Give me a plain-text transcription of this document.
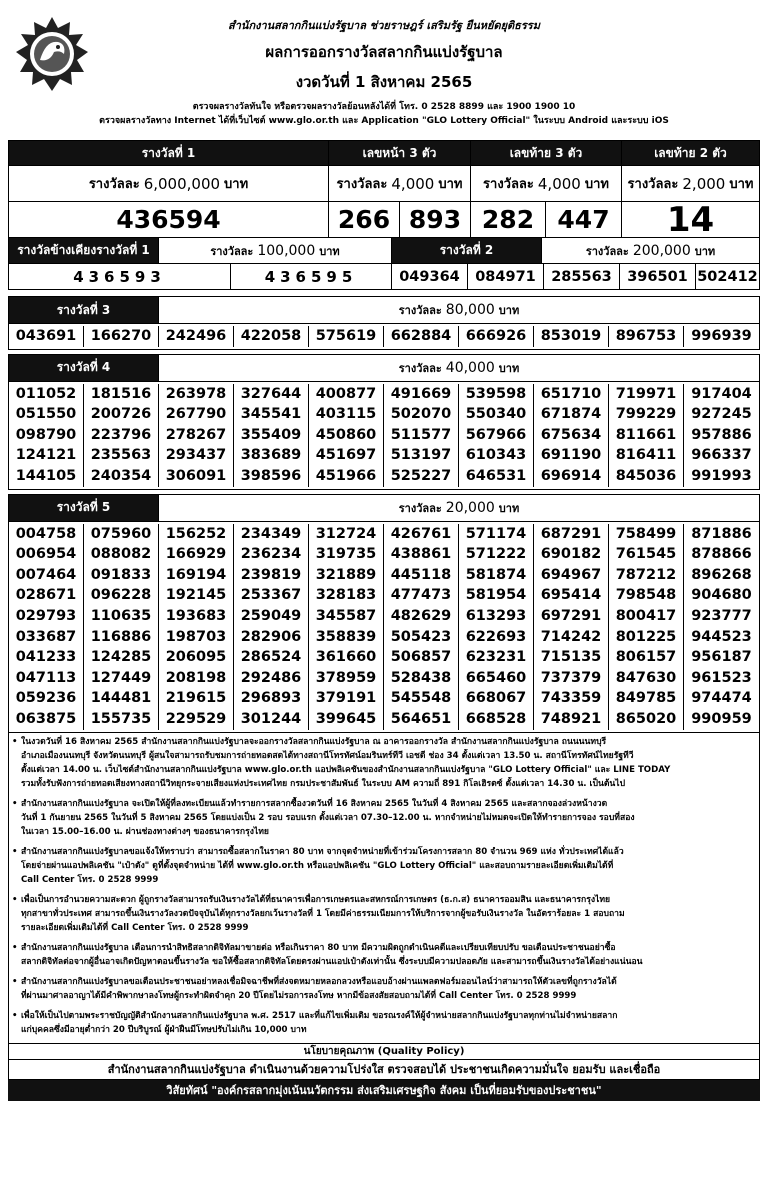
สำนักงานสลากกินแบ่งรัฐบาล ช่วยราษฎร์ เสริมรัฐ ยืนหยัดยุติธรรม
ผลการออกรางวัลสลากกินแบ่งรัฐบาล
งวดวันที่ 1 สิงหาคม 2565
ตรวจผลรางวัลทันใจ หรือตรวจผลรางวัลย้อนหลังได้ที่ โทร. 0 2528 8899 และ 1900 1900 10
ตรวจผลรางวัลทาง Internet ได้ที่เว็บไซต์ www.glo.or.th และ Application "GLO Lottery Official" ในระบบ Android และระบบ iOS
รางวัลที่ 1	เลขหน้า 3 ตัว	เลขท้าย 3 ตัว	เลขท้าย 2 ตัว
รางวัลละ 6,000,000 บาท	รางวัลละ 4,000 บาท รางวัลละ 4,000 บาท รางวัลละ 2,000 บาท
436594	266 893 282 447	14
รางวัลข้างเคียงรางวัลที่ 1	รางวัลละ 100,000 บาท	รางวัลที่ 2	รางวัลละ 200,000 บาท
436593	436595	049364	084971	285563	396501 502412
รางวัลที่ 3	รางวัลละ 80,000 บาท
043691 166270 242496 422058 575619 662884 666926 853019 896753	996939
รางวัลที่ 4	รางวัลละ 40,000 บาท
011052 181516 263978 327644 400877 491669 539598 651710 719971	917404
051550 200726 267790 345541 403115 502070 550340 671874 799229	927245
098790 223796 278267 355409 450860 511577 567966 675634 811661	957886
124121 235563 293437 383689 451697 513197 610343 691190 816411	966337
144105 240354 306091 398596 451966 525227 646531 696914 845036	991993
รางวัลที่ 5	รางวัลละ 20,000 บาท
004758 075960 156252 234349 312724 426761 571174 687291 758499	871886
006954 088082 166929 236234 319735 438861 571222 690182 761545	878866
007464 091833 169194 239819 321889 445118 581874 694967 787212	896268
028671 096228 192145 253367 328183 477473 581954 695414 798548	904680
029793 110635 193683 259049 345587 482629 613293 697291 800417	923777
033687 116886 198703 282906 358839 505423 622693 714242 801225	944523
041233 124285 206095 286524 361660 506857 623231 715135 806157	956187
047113 127449 208198 292486 378959 528438 665460 737379 847630	961523
059236 144481 219615 296893 379191 545548 668067 743359 849785	974474
063875 155735 229529 301244 399645 564651 668528 748921 865020	990959
• ในงวดวันที่ 16 สิงหาคม 2565 สำนักงานสลากกินแบ่งรัฐบาลจะออกรางวัลสลากกินแบ่งรัฐบาล ณ อาคารออกรางวัล สำนักงานสลากกินแบ่งรัฐบาล ถนนนนทบุรี
อำเภอเมืองนนทบุรี จังหวัดนนทบุรี ผู้สนใจสามารถรับชมการถ่ายทอดสดได้ทางสถานีโทรทัศน์อมรินทร์ทีวี เอชดี ช่อง 34 ตั้งแต่เวลา 13.50 น. สถานีโทรทัศน์ไทยรัฐทีวี
ตั้งแต่เวลา 14.00 น. เว็บไซต์สำนักงานสลากกินแบ่งรัฐบาล www.glo.or.th แอปพลิเคชันของสำนักงานสลากกินแบ่งรัฐบาล "GLO Lottery Official" และ LINE TODAY
รวมทั้งรับฟังการถ่ายทอดเสียงทางสถานีวิทยุกระจายเสียงแห่งประเทศไทย กรมประชาสัมพันธ์ ในระบบ AM ความถี่ 891 กิโลเฮิรตซ์ ตั้งแต่เวลา 14.30 น. เป็นต้นไป
• สำนักงานสลากกินแบ่งรัฐบาล จะเปิดให้ผู้ที่ลงทะเบียนแล้วทำรายการสลากซื้องวดวันที่ 16 สิงหาคม 2565 ในวันที่ 4 สิงหาคม 2565 และสลากจองล่วงหน้างวด
วันที่ 1 กันยายน 2565 ในวันที่ 5 สิงหาคม 2565 โดยแบ่งเป็น 2 รอบ รอบแรก ตั้งแต่เวลา 07.30–12.00 น. หากจำหน่ายไม่หมดจะเปิดให้ทำรายการจอง รอบที่สอง
ในเวลา 15.00–16.00 น. ผ่านช่องทางต่างๆ ของธนาคารกรุงไทย
• สำนักงานสลากกินแบ่งรัฐบาลขอแจ้งให้ทราบว่า สามารถซื้อสลากในราคา 80 บาท จากจุดจำหน่ายที่เข้าร่วมโครงการสลาก 80 จำนวน 969 แห่ง ทั่วประเทศได้แล้ว
โดยจ่ายผ่านแอปพลิเคชัน "เป๋าตัง" ดูที่ตั้งจุดจำหน่าย ได้ที่ www.glo.or.th หรือแอปพลิเคชัน "GLO Lottery Official" และสอบถามรายละเอียดเพิ่มเติมได้ที่
Call Center โทร. 0 2528 9999
• เพื่อเป็นการอำนวยความสะดวก ผู้ถูกรางวัลสามารถรับเงินรางวัลได้ที่ธนาคารเพื่อการเกษตรและสหกรณ์การเกษตร (ธ.ก.ส) ธนาคารออมสิน และธนาคารกรุงไทย
ทุกสาขาทั่วประเทศ สามารถขึ้นเงินรางวัลงวดปัจจุบันได้ทุกรางวัลยกเว้นรางวัลที่ 1 โดยมีค่าธรรมเนียมการให้บริการจากผู้ขอรับเงินรางวัล ในอัตราร้อยละ 1 สอบถาม
รายละเอียดเพิ่มเติมได้ที่ Call Center โทร. 0 2528 9999
• สำนักงานสลากกินแบ่งรัฐบาล เตือนการนำสิทธิสลากดิจิทัลมาขายต่อ หรือเกินราคา 80 บาท มีความผิดถูกดำเนินคดีและเปรียบเทียบปรับ ขอเตือนประชาชนอย่าซื้อ
สลากดิจิทัลต่อจากผู้อื่นอาจเกิดปัญหาตอนขึ้นรางวัล ขอให้ซื้อสลากดิจิทัลโดยตรงผ่านแอปเป๋าตังเท่านั้น ซึ่งระบบมีความปลอดภัย และสามารถขึ้นเงินรางวัลได้อย่างแน่นอน
• สำนักงานสลากกินแบ่งรัฐบาลขอเตือนประชาชนอย่าหลงเชื่อมิจฉาชีพที่ส่งจดหมายหลอกลวงหรือแอบอ้างผ่านแพลตฟอร์มออนไลน์ว่าสามารถให้ตัวเลขที่ถูกรางวัลได้
ที่ผ่านมาศาลอาญาได้มีคำพิพากษาลงโทษผู้กระทำผิดจำคุก 20 ปีโดยไม่รอการลงโทษ หากมีข้อสงสัยสอบถามได้ที่ Call Center โทร. 0 2528 9999
• เพื่อให้เป็นไปตามพระราชบัญญัติสำนักงานสลากกินแบ่งรัฐบาล พ.ศ. 2517 และที่แก้ไขเพิ่มเติม ขอรณรงค์ให้ผู้จำหน่ายสลากกินแบ่งรัฐบาลทุกท่านไม่จำหน่ายสลาก
แก่บุคคลซึ่งมีอายุต่ำกว่า 20 ปีบริบูรณ์ ผู้ฝ่าฝืนมีโทษปรับไม่เกิน 10,000 บาท
นโยบายคุณภาพ (Quality Policy)
สำนักงานสลากกินแบ่งรัฐบาล ดำเนินงานด้วยความโปร่งใส ตรวจสอบได้ ประชาชนเกิดความมั่นใจ ยอมรับ และเชื่อถือ
วิสัยทัศน์ "องค์กรสลากมุ่งเน้นนวัตกรรม ส่งเสริมเศรษฐกิจ สังคม เป็นที่ยอมรับของประชาชน"
